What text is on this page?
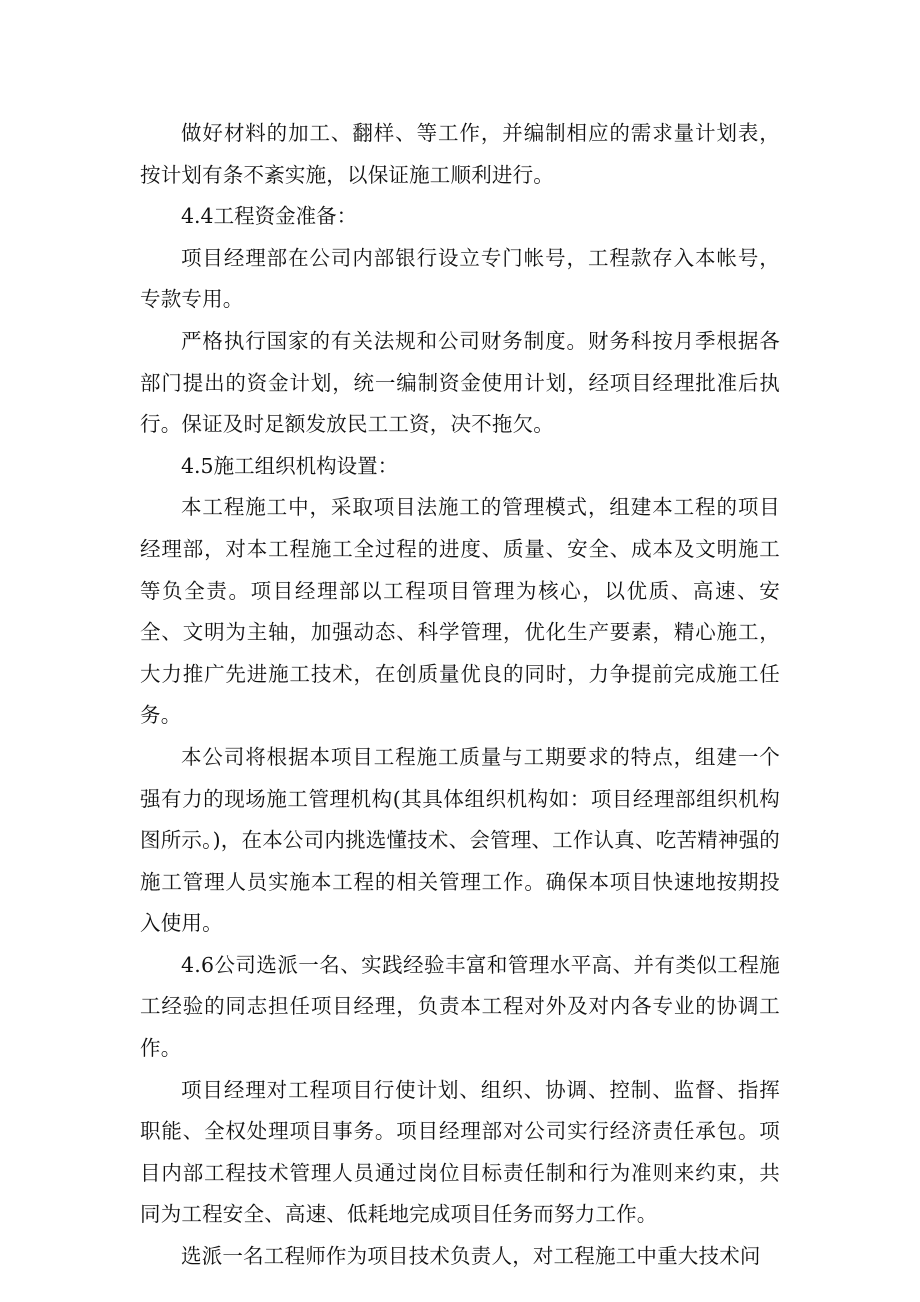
做好材料的加工、翻样、等工作，并编制相应的需求量计划表，按计划有条不紊实施，以保证施工顺利进行。

4.4工程资金准备：

项目经理部在公司内部银行设立专门帐号，工程款存入本帐号，专款专用。

严格执行国家的有关法规和公司财务制度。财务科按月季根据各部门提出的资金计划，统一编制资金使用计划，经项目经理批准后执行。保证及时足额发放民工工资，决不拖欠。

4.5施工组织机构设置：

本工程施工中，采取项目法施工的管理模式，组建本工程的项目经理部，对本工程施工全过程的进度、质量、安全、成本及文明施工等负全责。项目经理部以工程项目管理为核心，以优质、高速、安全、文明为主轴，加强动态、科学管理，优化生产要素，精心施工，大力推广先进施工技术，在创质量优良的同时，力争提前完成施工任务。

本公司将根据本项目工程施工质量与工期要求的特点，组建一个强有力的现场施工管理机构(其具体组织机构如：项目经理部组织机构图所示。)，在本公司内挑选懂技术、会管理、工作认真、吃苦精神强的施工管理人员实施本工程的相关管理工作。确保本项目快速地按期投入使用。

4.6公司选派一名、实践经验丰富和管理水平高、并有类似工程施工经验的同志担任项目经理，负责本工程对外及对内各专业的协调工作。

项目经理对工程项目行使计划、组织、协调、控制、监督、指挥职能、全权处理项目事务。项目经理部对公司实行经济责任承包。项目内部工程技术管理人员通过岗位目标责任制和行为准则来约束，共同为工程安全、高速、低耗地完成项目任务而努力工作。

选派一名工程师作为项目技术负责人，对工程施工中重大技术问
